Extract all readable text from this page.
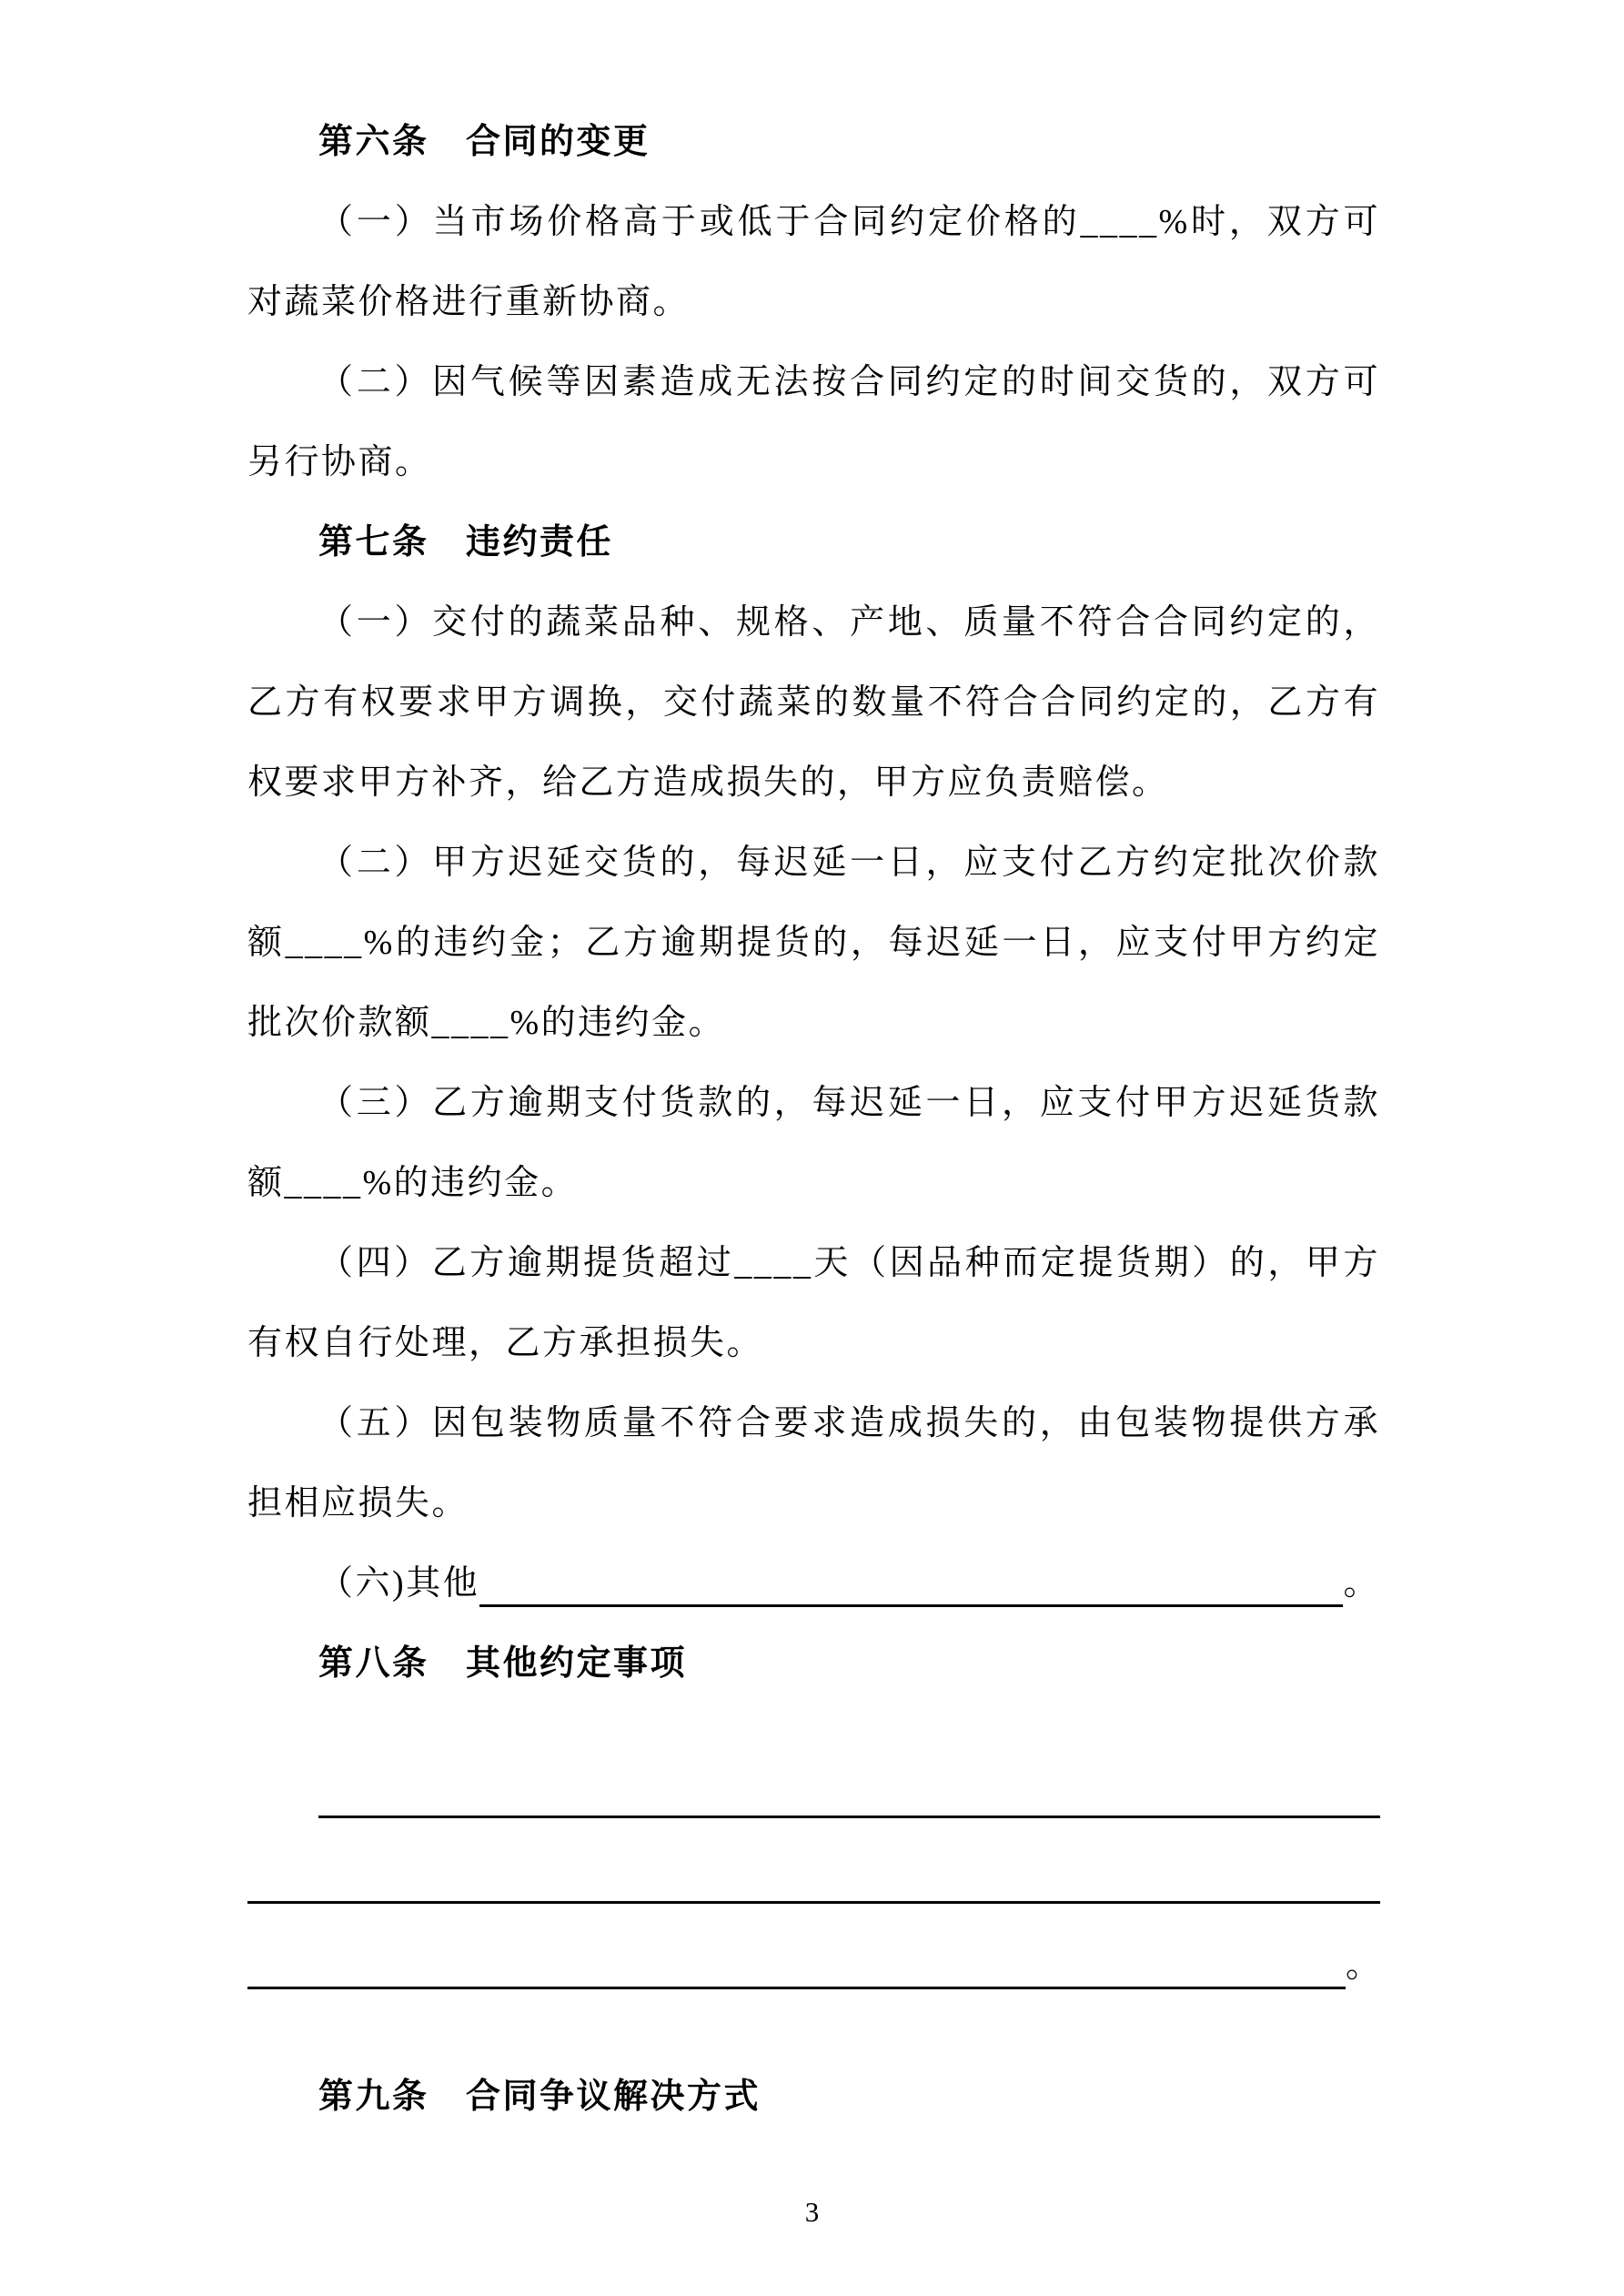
第六条　合同的变更

（一）当市场价格高于或低于合同约定价格的____%时，双方可对蔬菜价格进行重新协商。

（二）因气候等因素造成无法按合同约定的时间交货的，双方可另行协商。

第七条　违约责任

（一）交付的蔬菜品种、规格、产地、质量不符合合同约定的，乙方有权要求甲方调换，交付蔬菜的数量不符合合同约定的，乙方有权要求甲方补齐，给乙方造成损失的，甲方应负责赔偿。

（二）甲方迟延交货的，每迟延一日，应支付乙方约定批次价款额____%的违约金；乙方逾期提货的，每迟延一日，应支付甲方约定批次价款额____%的违约金。

（三）乙方逾期支付货款的，每迟延一日，应支付甲方迟延货款额____%的违约金。

（四）乙方逾期提货超过____天（因品种而定提货期）的，甲方有权自行处理，乙方承担损失。

（五）因包装物质量不符合要求造成损失的，由包装物提供方承担相应损失。

（六)其他	。

第八条　其他约定事项

。

第九条　合同争议解决方式

3
